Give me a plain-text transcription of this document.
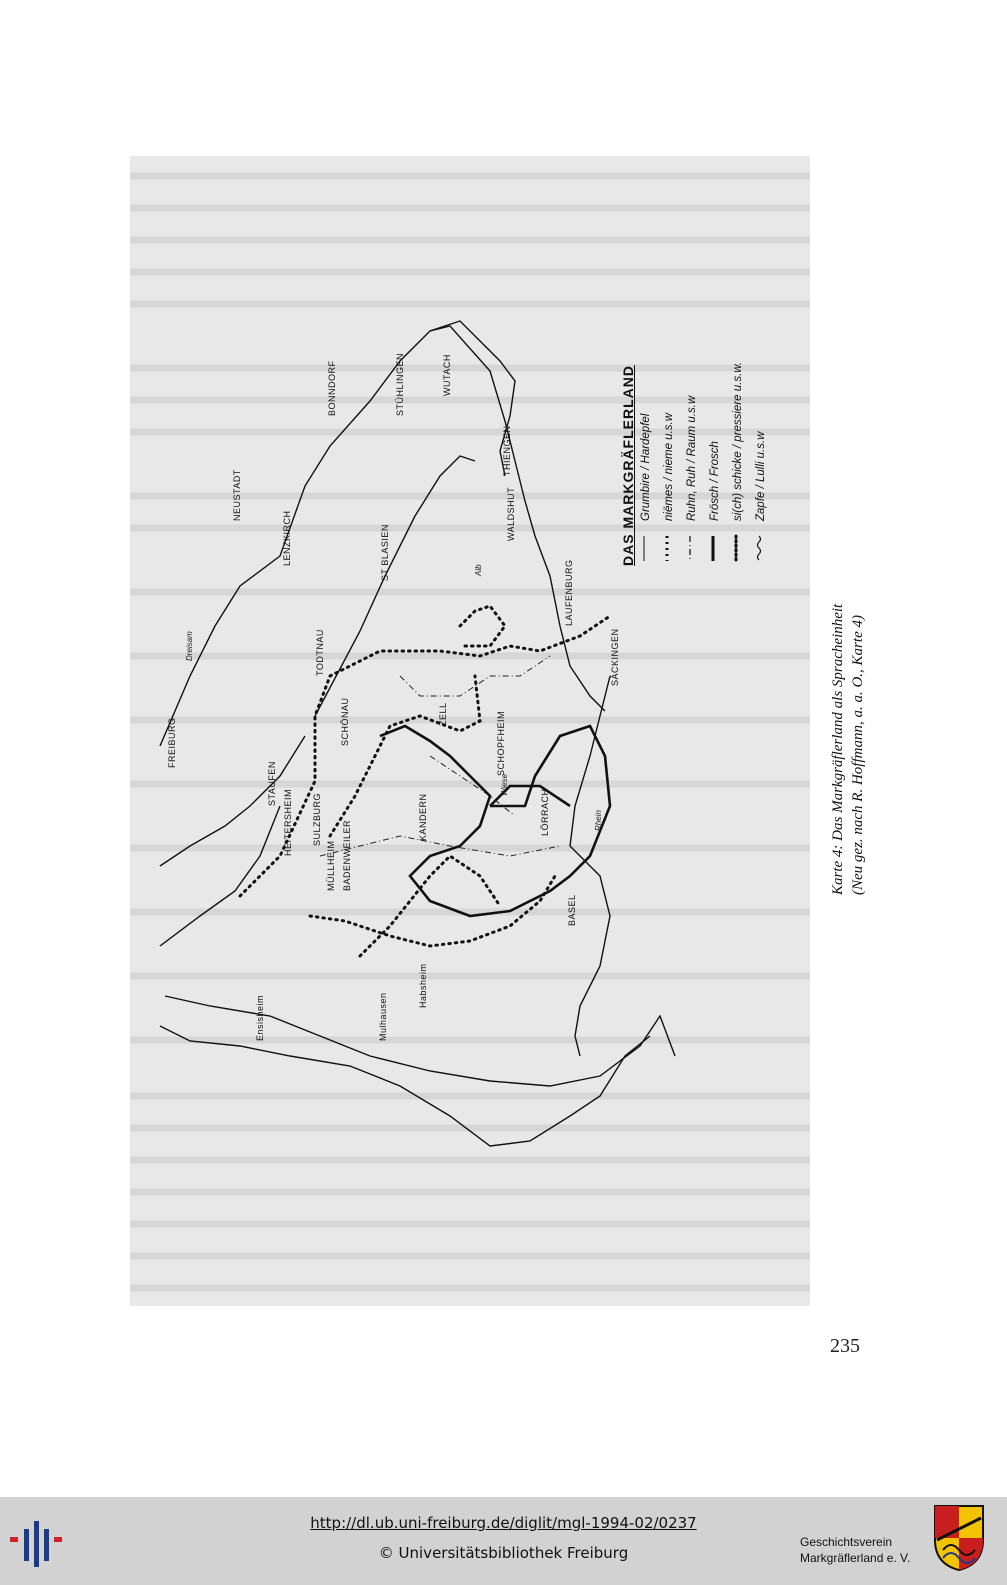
FREIBURG
NEUSTADT
BONNDORF	STÜHLINGEN	WUTACH
LENZKIRCH	ST BLASIEN
THIENGEN
WALDSHUT
LAUFENBURG
SÄCKINGEN
TODTNAU
SCHÖNAU	ZELL	SCHOPFHEIM
STAUFEN
HEITERSHEIM SULZBURG
BADENWEILER
MÜLLHEIM
KANDERN	LÖRRACH
BASEL
Ensisheim	Mulhausen
Habsheim
Dreisam
Alb
Wiese
Rhein
DAS MARKGRÄFLERLAND Grumbire / Hardepfel niëmes / nieme u.s.w Ruhn, Ruh / Raum u.s.w Frösch / Frosch si(ch) schicke / pressiere u.s.w. Zapfe / Lulli u.s.w
Karte 4: Das Markgräflerland als Spracheinheit (Neu gez. nach R. Hoffmann, a. a. O., Karte 4)
235
http://dl.ub.uni-freiburg.de/diglit/mgl-1994-02/0237
© Universitätsbibliothek Freiburg
Geschichtsverein
Markgräflerland e. V.
